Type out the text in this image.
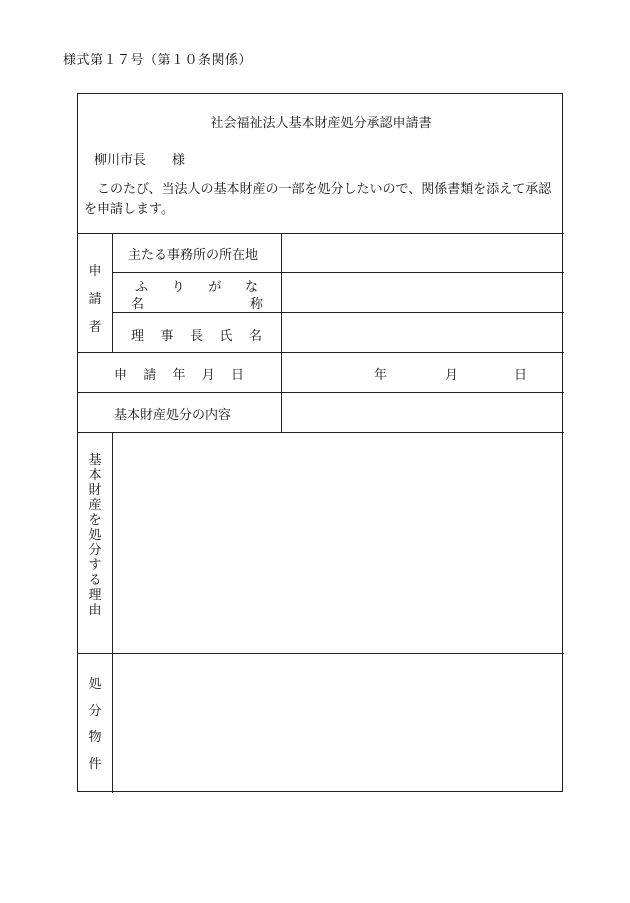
様式第１７号（第１０条関係）
社会福祉法人基本財産処分承認申請書
柳川市長　　様
このたび、当法人の基本財産の一部を処分したいので、関係書類を添えて承認を申請します。
申
請
者
主たる事務所の所在地
ふ り が な
名	称
理 事 長 氏 名
申 請 年 月 日	年	月	日
基本財産処分の内容
基
本
財
産
を
処
分
す
る
理
由
処
分
物
件
